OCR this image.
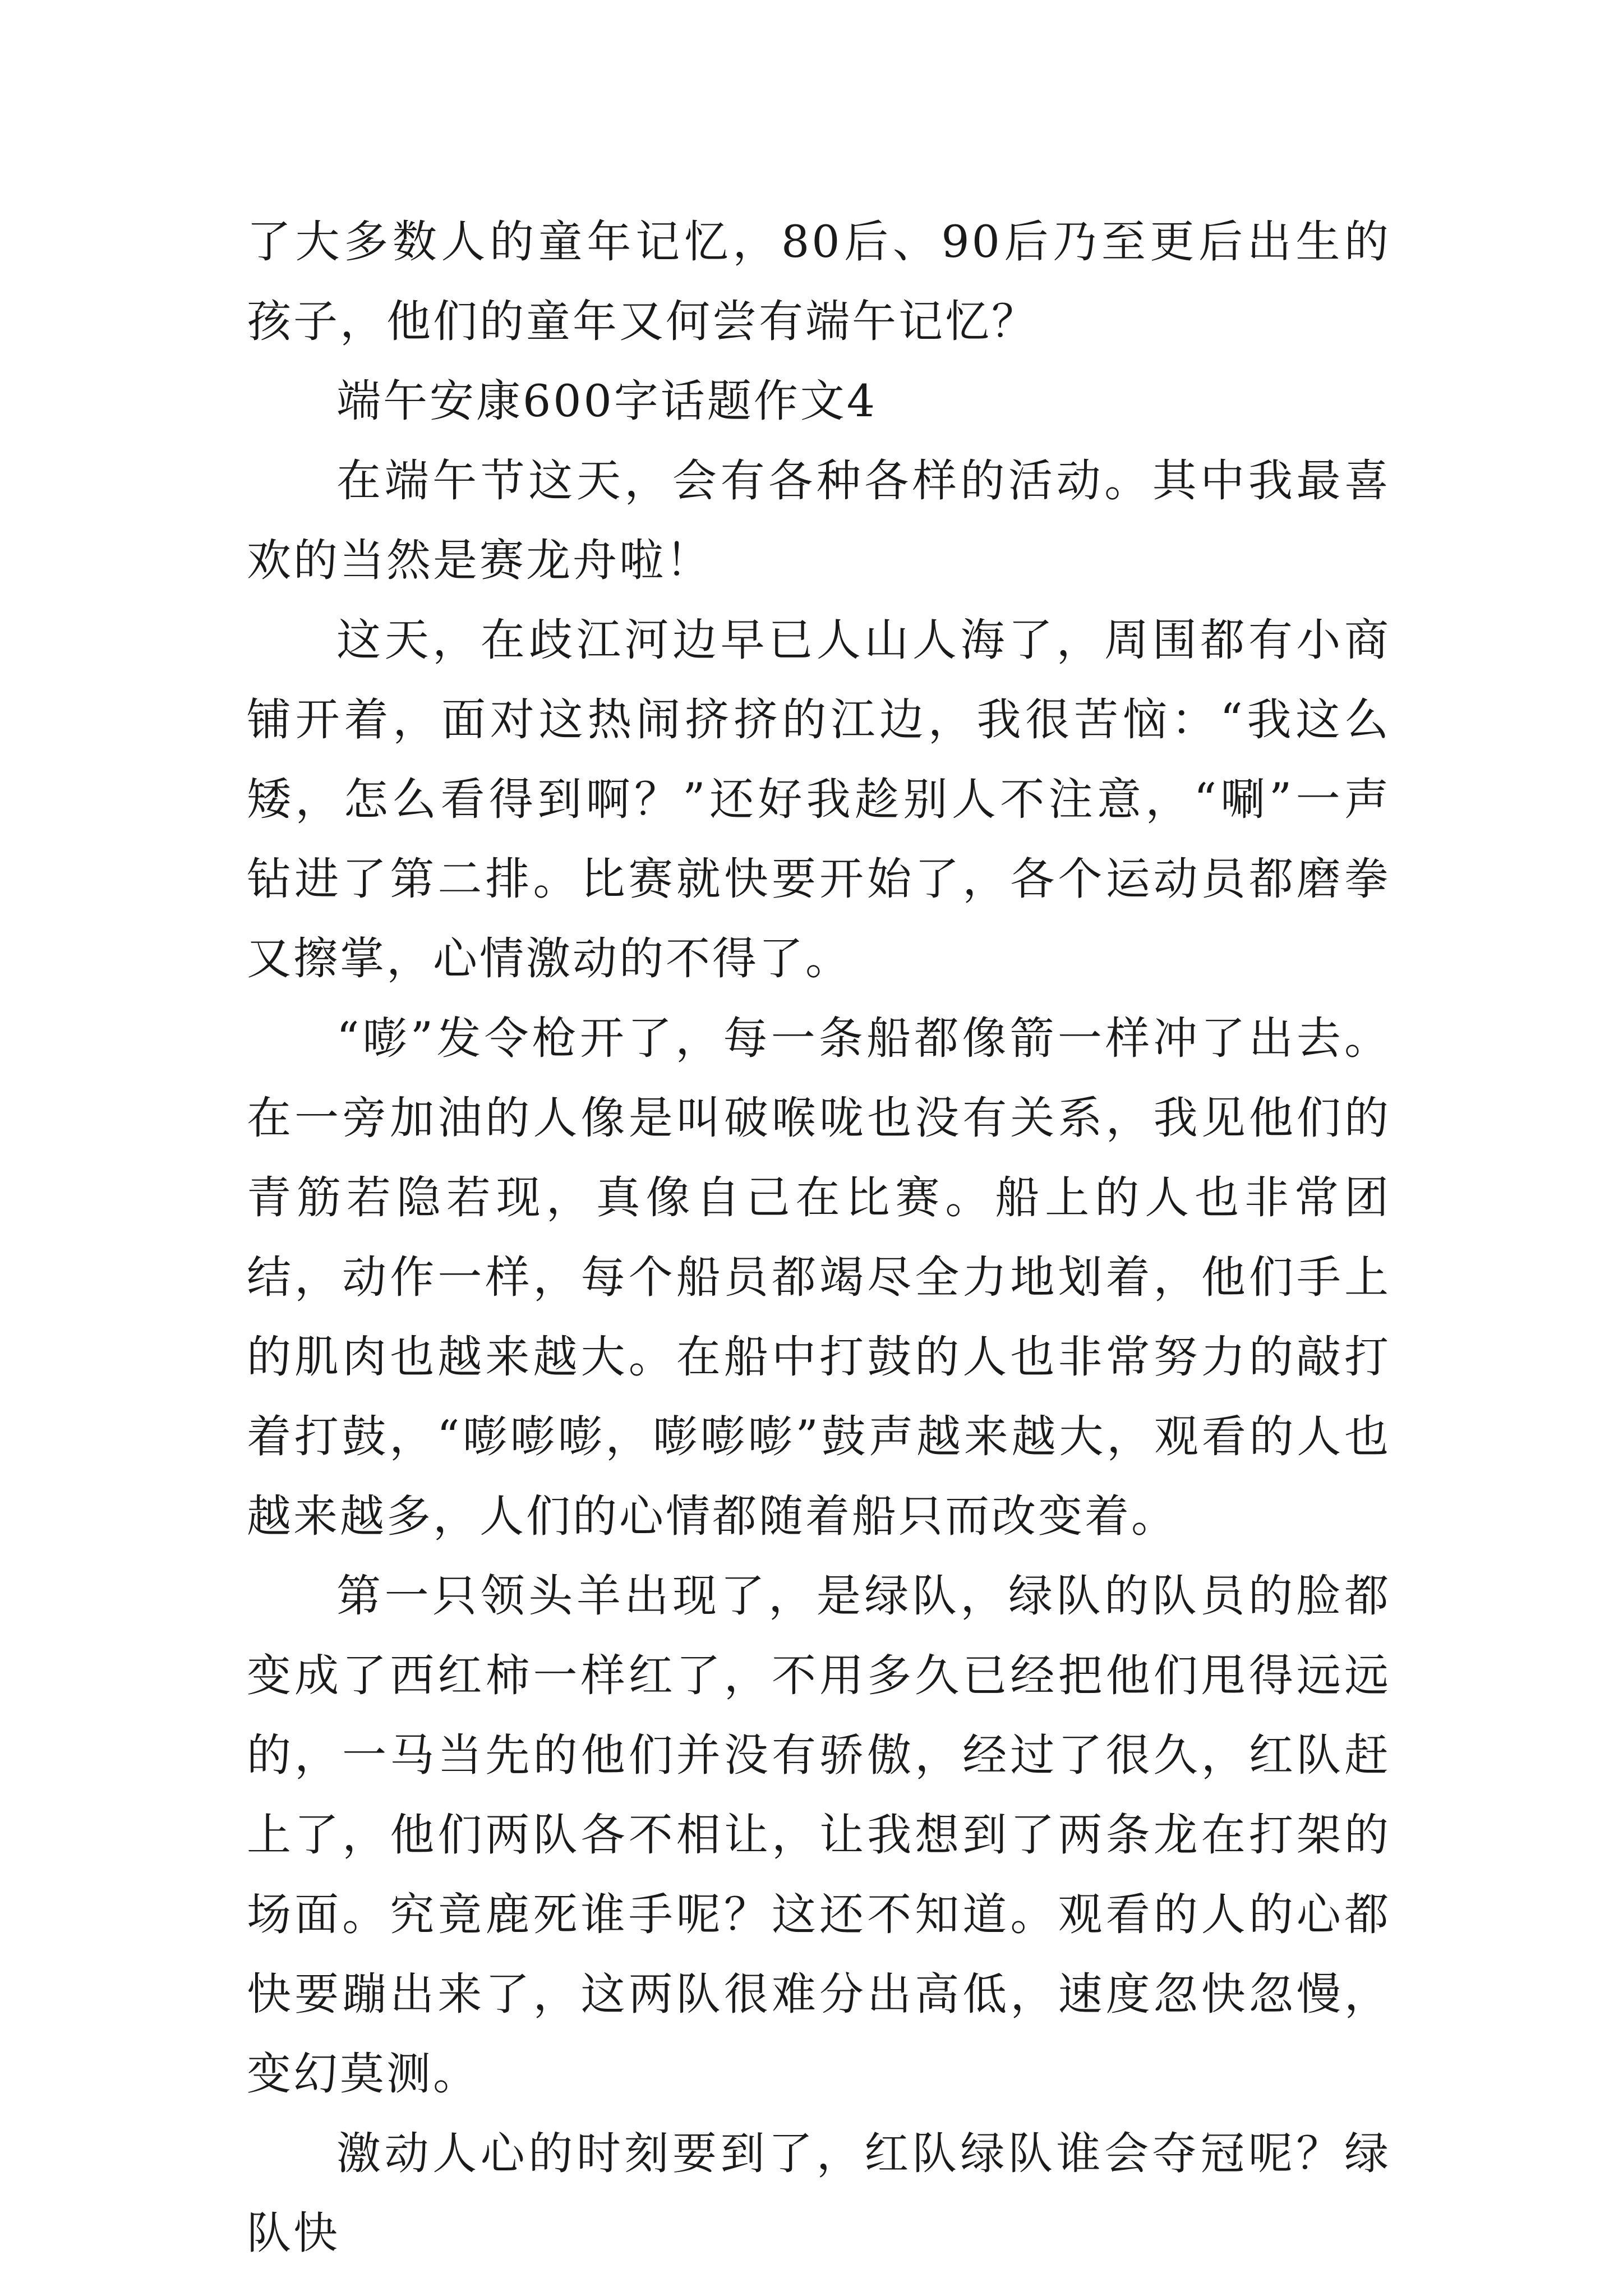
了大多数人的童年记忆，80后、90后乃至更后出生的孩子，他们的童年又何尝有端午记忆？

端午安康600字话题作文4

在端午节这天，会有各种各样的活动。其中我最喜欢的当然是赛龙舟啦！

这天，在歧江河边早已人山人海了，周围都有小商铺开着，面对这热闹挤挤的江边，我很苦恼：“我这么矮，怎么看得到啊？”还好我趁别人不注意，“唰”一声钻进了第二排。比赛就快要开始了，各个运动员都磨拳又擦掌，心情激动的不得了。

“嘭”发令枪开了，每一条船都像箭一样冲了出去。在一旁加油的人像是叫破喉咙也没有关系，我见他们的青筋若隐若现，真像自己在比赛。船上的人也非常团结，动作一样，每个船员都竭尽全力地划着，他们手上的肌肉也越来越大。在船中打鼓的人也非常努力的敲打着打鼓，“嘭嘭嘭，嘭嘭嘭”鼓声越来越大，观看的人也越来越多，人们的心情都随着船只而改变着。

第一只领头羊出现了，是绿队，绿队的队员的脸都变成了西红柿一样红了，不用多久已经把他们甩得远远的，一马当先的他们并没有骄傲，经过了很久，红队赶上了，他们两队各不相让，让我想到了两条龙在打架的场面。究竟鹿死谁手呢？这还不知道。观看的人的心都快要蹦出来了，这两队很难分出高低，速度忽快忽慢，变幻莫测。

激动人心的时刻要到了，红队绿队谁会夺冠呢？绿队快
